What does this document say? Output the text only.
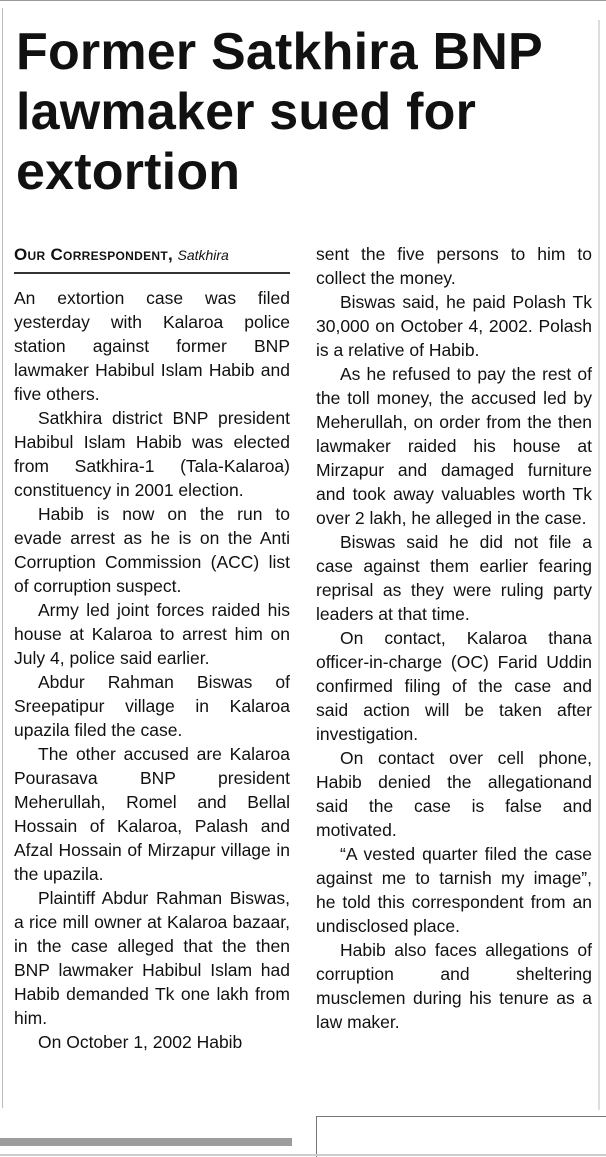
Former Satkhira BNP lawmaker sued for extortion
Our Correspondent, Satkhira

An extortion case was filed yesterday with Kalaroa police station against former BNP lawmaker Habibul Islam Habib and five others.

Satkhira district BNP president Habibul Islam Habib was elected from Satkhira-1 (Tala-Kalaroa) constituency in 2001 election.

Habib is now on the run to evade arrest as he is on the Anti Corruption Commission (ACC) list of corruption suspect.

Army led joint forces raided his house at Kalaroa to arrest him on July 4, police said earlier.

Abdur Rahman Biswas of Sreepatipur village in Kalaroa upazila filed the case.

The other accused are Kalaroa Pourasava BNP president Meherullah, Romel and Bellal Hossain of Kalaroa, Palash and Afzal Hossain of Mirzapur village in the upazila.

Plaintiff Abdur Rahman Biswas, a rice mill owner at Kalaroa bazaar, in the case alleged that the then BNP lawmaker Habibul Islam had Habib demanded Tk one lakh from him.

On October 1, 2002 Habib

sent the five persons to him to collect the money.

Biswas said, he paid Polash Tk 30,000 on October 4, 2002. Polash is a relative of Habib.

As he refused to pay the rest of the toll money, the accused led by Meherullah, on order from the then lawmaker raided his house at Mirzapur and damaged furniture and took away valuables worth Tk over 2 lakh, he alleged in the case.

Biswas said he did not file a case against them earlier fearing reprisal as they were ruling party leaders at that time.

On contact, Kalaroa thana officer-in-charge (OC) Farid Uddin confirmed filing of the case and said action will be taken after investigation.

On contact over cell phone, Habib denied the allegationand said the case is false and motivated.

“A vested quarter filed the case against me to tarnish my image”, he told this correspondent from an undisclosed place.

Habib also faces allegations of corruption and sheltering musclemen during his tenure as a law maker.
